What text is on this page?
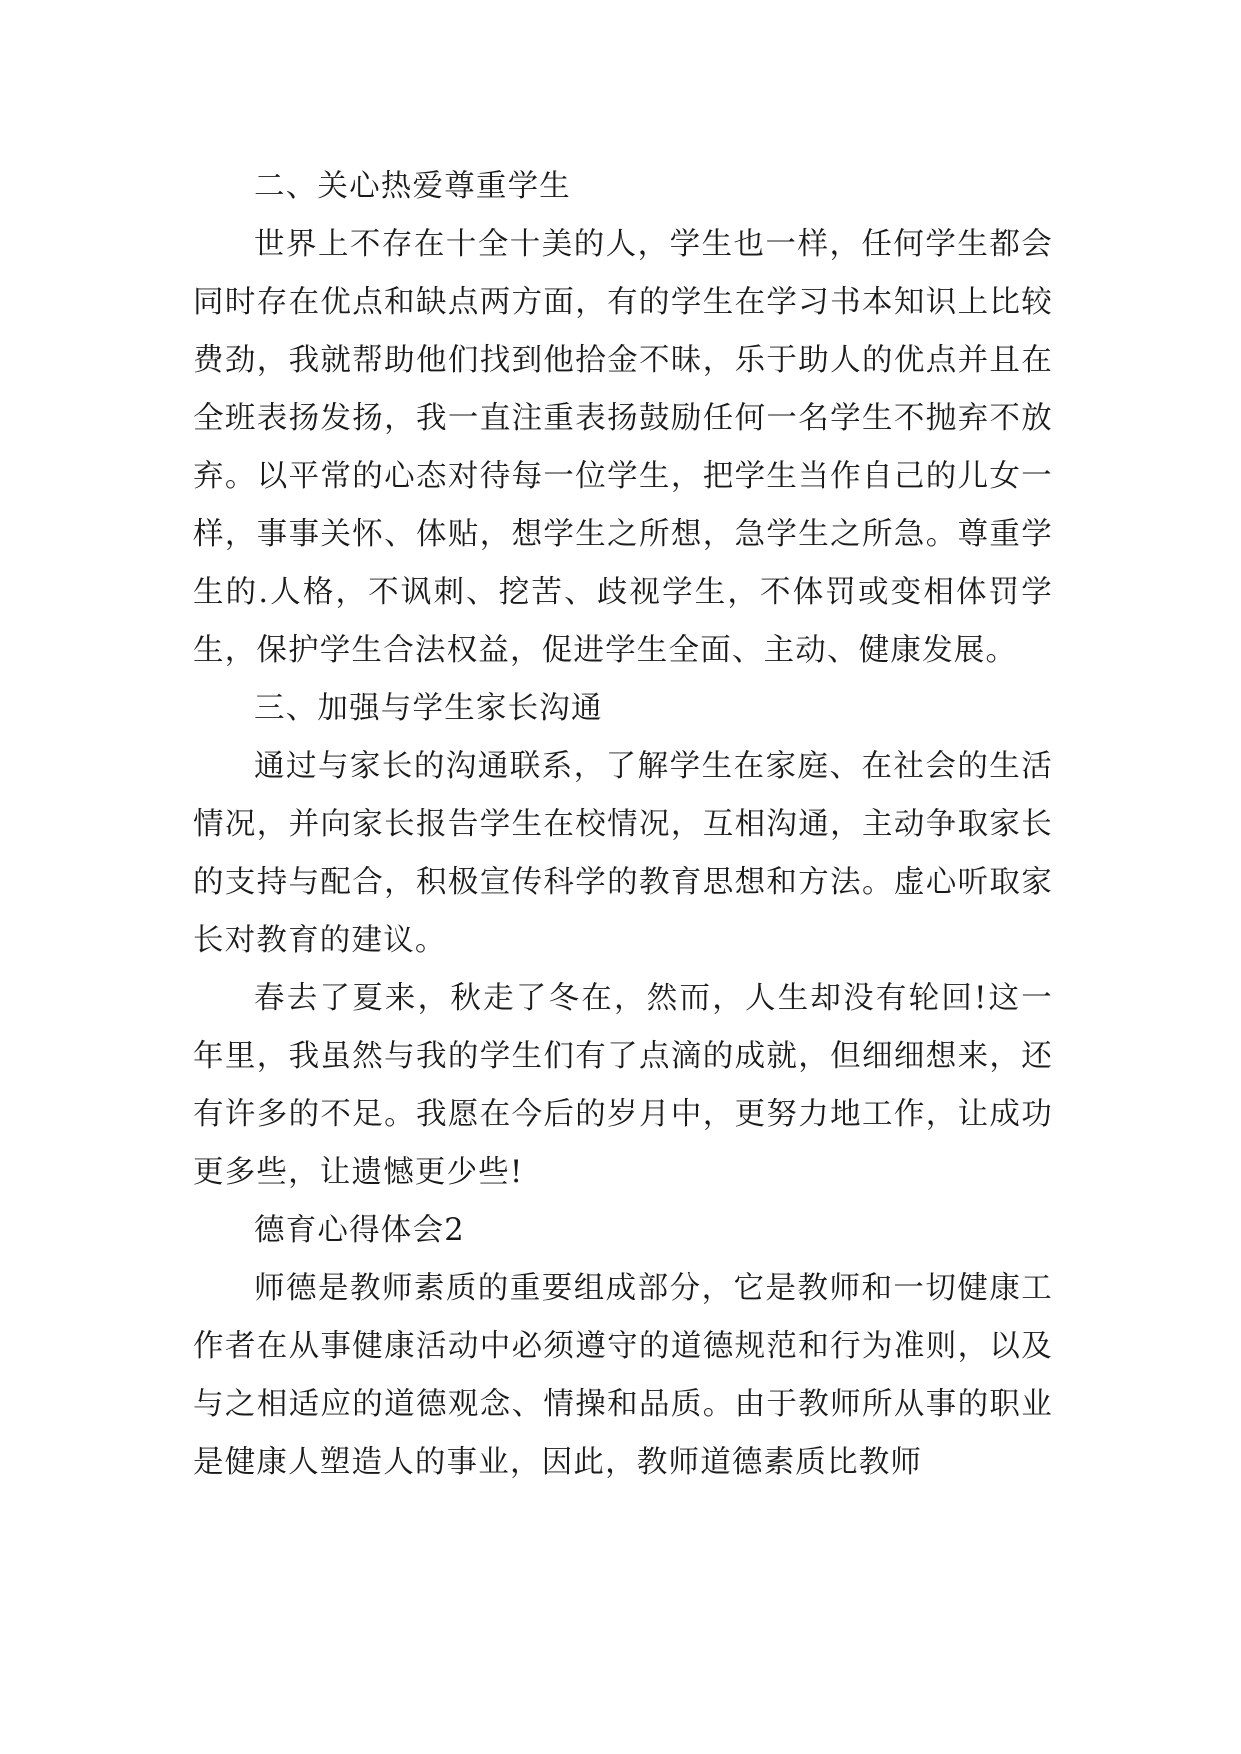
二、关心热爱尊重学生

世界上不存在十全十美的人，学生也一样，任何学生都会同时存在优点和缺点两方面，有的学生在学习书本知识上比较费劲，我就帮助他们找到他拾金不昧，乐于助人的优点并且在全班表扬发扬，我一直注重表扬鼓励任何一名学生不抛弃不放弃。以平常的心态对待每一位学生，把学生当作自己的儿女一样，事事关怀、体贴，想学生之所想，急学生之所急。尊重学生的.人格，不讽刺、挖苦、歧视学生，不体罚或变相体罚学生，保护学生合法权益，促进学生全面、主动、健康发展。

三、加强与学生家长沟通

通过与家长的沟通联系，了解学生在家庭、在社会的生活情况，并向家长报告学生在校情况，互相沟通，主动争取家长的支持与配合，积极宣传科学的教育思想和方法。虚心听取家长对教育的建议。

春去了夏来，秋走了冬在，然而，人生却没有轮回!这一年里，我虽然与我的学生们有了点滴的成就，但细细想来，还有许多的不足。我愿在今后的岁月中，更努力地工作，让成功更多些，让遗憾更少些!

德育心得体会2

师德是教师素质的重要组成部分，它是教师和一切健康工作者在从事健康活动中必须遵守的道德规范和行为准则，以及与之相适应的道德观念、情操和品质。由于教师所从事的职业是健康人塑造人的事业，因此，教师道德素质比教师
